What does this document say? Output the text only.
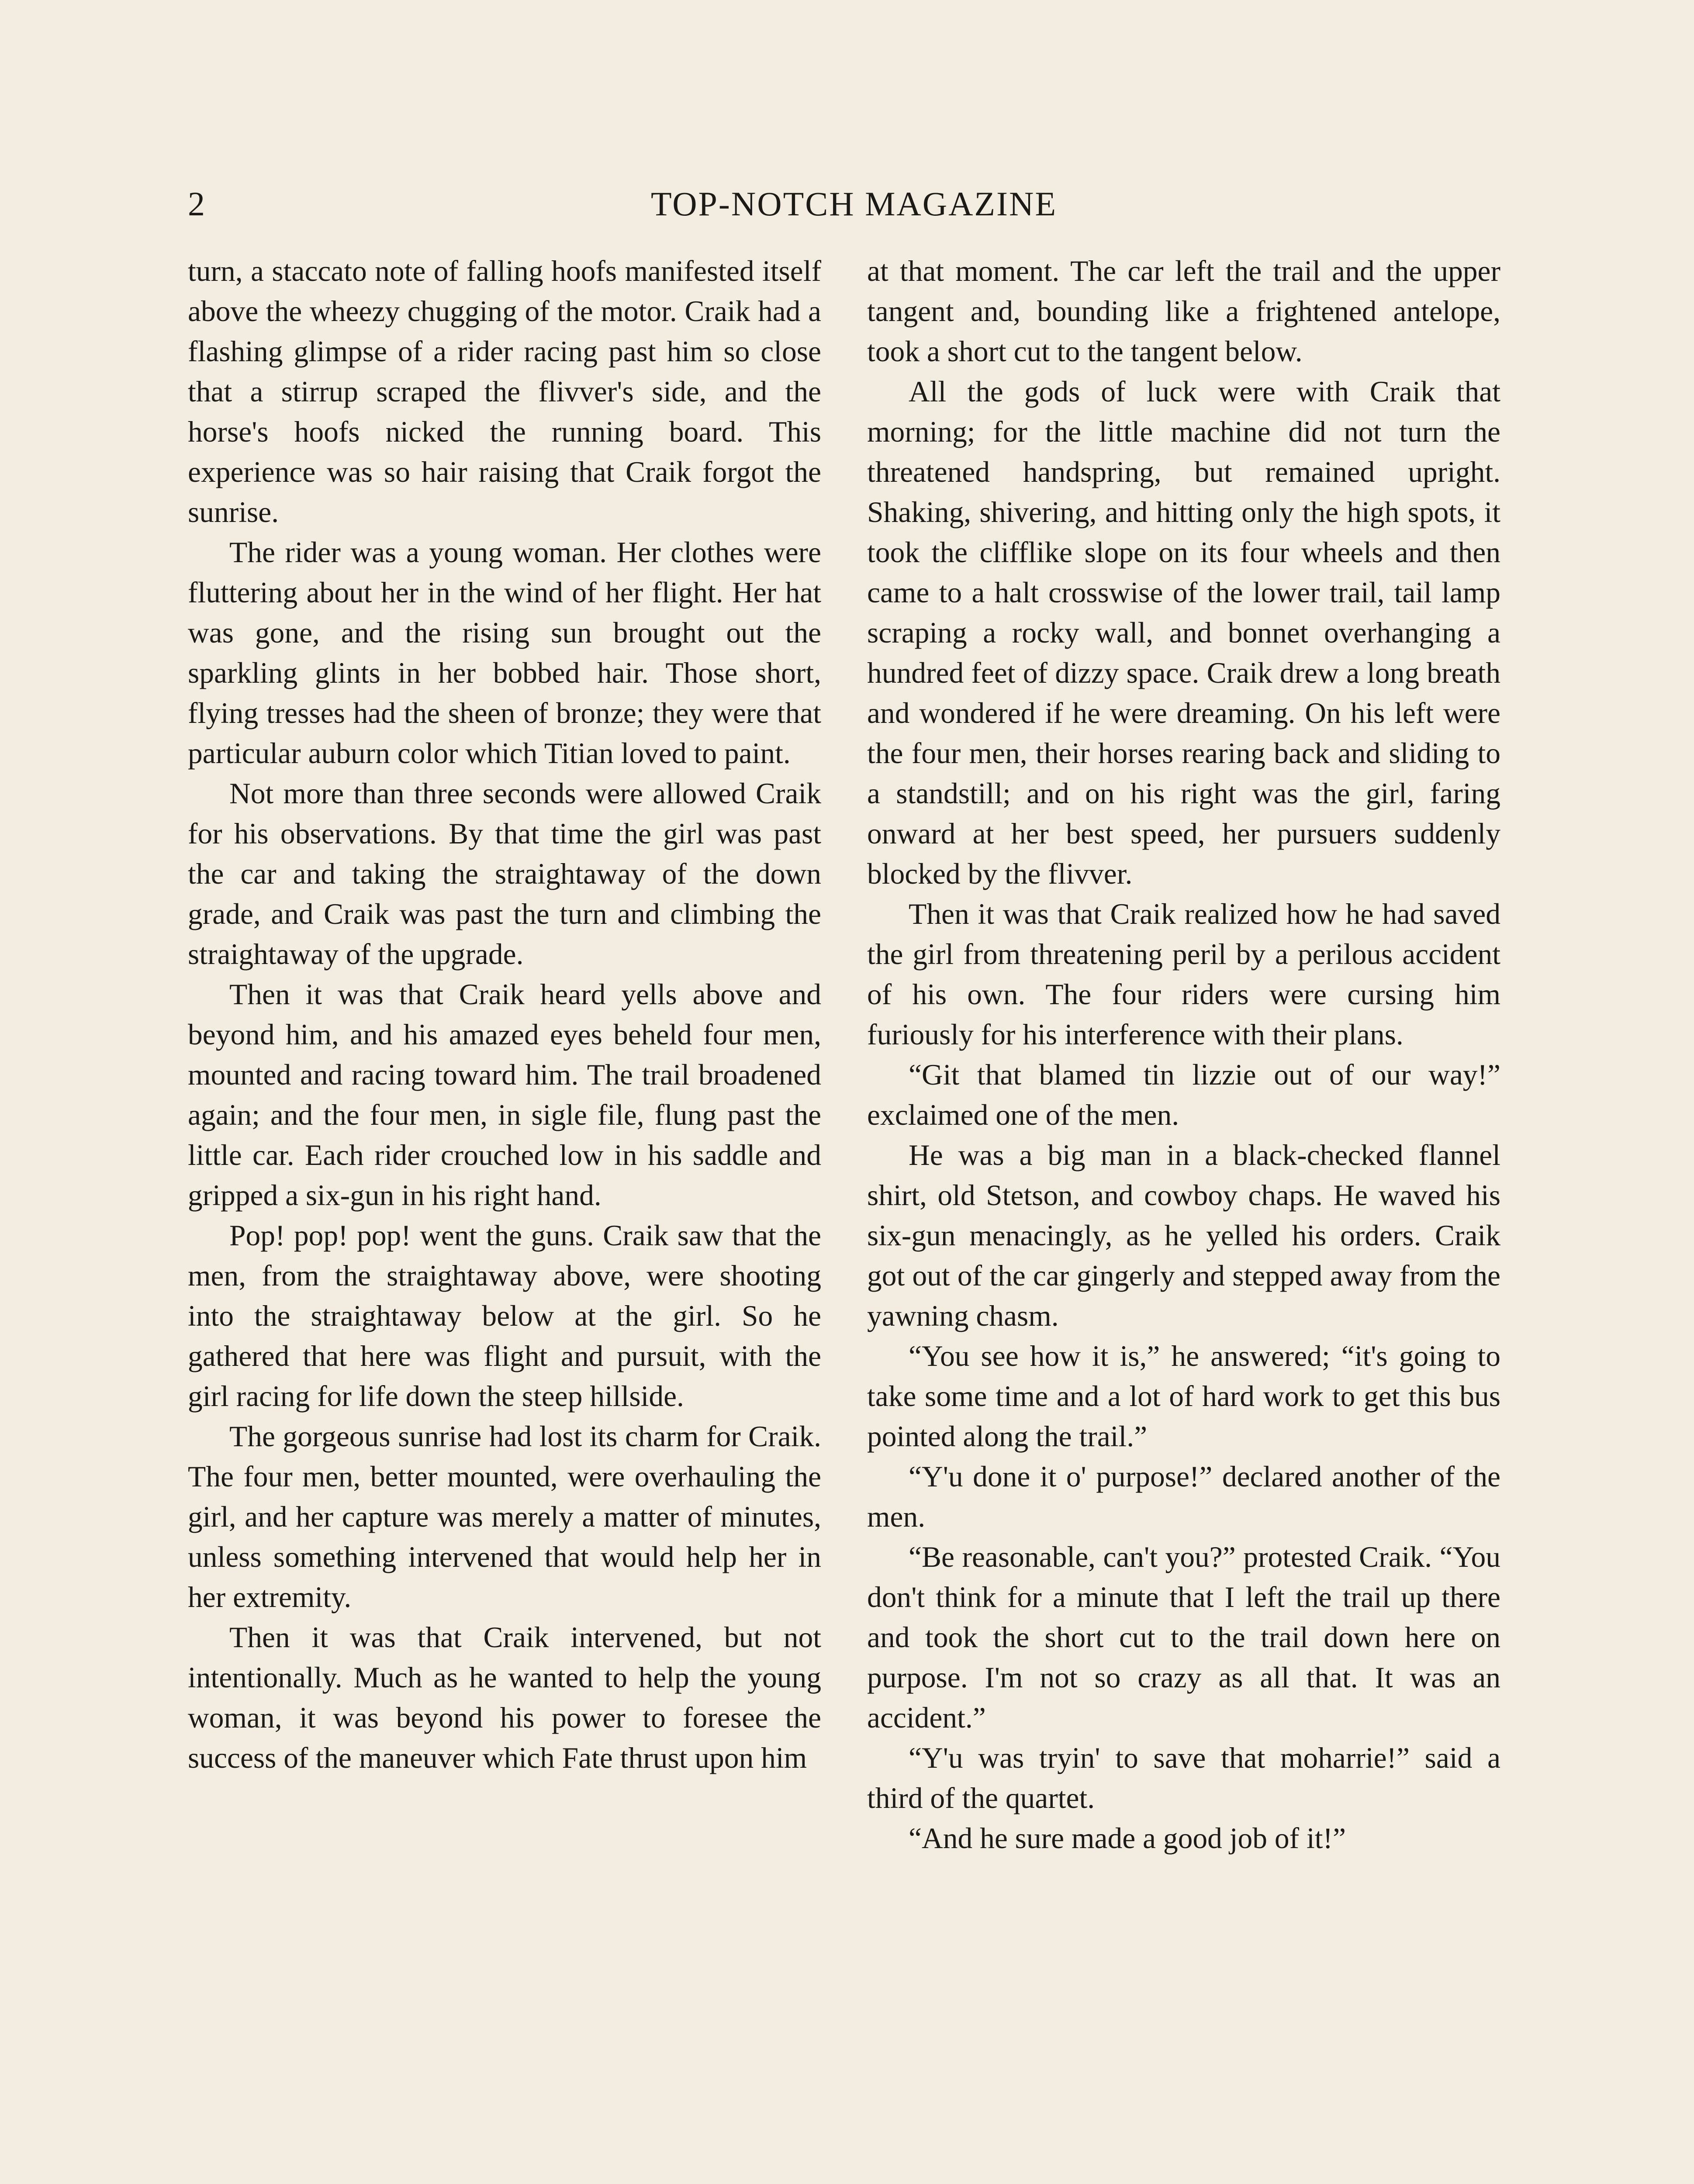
2	TOP-NOTCH MAGAZINE

turn, a staccato note of falling hoofs manifested itself above the wheezy chugging of the motor. Craik had a flashing glimpse of a rider racing past him so close that a stirrup scraped the flivver's side, and the horse's hoofs nicked the running board. This experience was so hair raising that Craik forgot the sunrise.

The rider was a young woman. Her clothes were fluttering about her in the wind of her flight. Her hat was gone, and the rising sun brought out the sparkling glints in her bobbed hair. Those short, flying tresses had the sheen of bronze; they were that particular auburn color which Titian loved to paint.

Not more than three seconds were allowed Craik for his observations. By that time the girl was past the car and taking the straightaway of the down grade, and Craik was past the turn and climbing the straightaway of the upgrade.

Then it was that Craik heard yells above and beyond him, and his amazed eyes beheld four men, mounted and racing toward him. The trail broadened again; and the four men, in sigle file, flung past the little car. Each rider crouched low in his saddle and gripped a six-gun in his right hand.

Pop! pop! pop! went the guns. Craik saw that the men, from the straightaway above, were shooting into the straightaway below at the girl. So he gathered that here was flight and pursuit, with the girl racing for life down the steep hillside.

The gorgeous sunrise had lost its charm for Craik. The four men, better mounted, were overhauling the girl, and her capture was merely a matter of minutes, unless something intervened that would help her in her extremity.

Then it was that Craik intervened, but not intentionally. Much as he wanted to help the young woman, it was beyond his power to foresee the success of the maneuver which Fate thrust upon him

at that moment. The car left the trail and the upper tangent and, bounding like a frightened antelope, took a short cut to the tangent below.

All the gods of luck were with Craik that morning; for the little machine did not turn the threatened handspring, but remained upright. Shaking, shivering, and hitting only the high spots, it took the clifflike slope on its four wheels and then came to a halt crosswise of the lower trail, tail lamp scraping a rocky wall, and bonnet overhanging a hundred feet of dizzy space. Craik drew a long breath and wondered if he were dreaming. On his left were the four men, their horses rearing back and sliding to a standstill; and on his right was the girl, faring onward at her best speed, her pursuers suddenly blocked by the flivver.

Then it was that Craik realized how he had saved the girl from threatening peril by a perilous accident of his own. The four riders were cursing him furiously for his interference with their plans.

“Git that blamed tin lizzie out of our way!” exclaimed one of the men.

He was a big man in a black-checked flannel shirt, old Stetson, and cowboy chaps. He waved his six-gun menacingly, as he yelled his orders. Craik got out of the car gingerly and stepped away from the yawning chasm.

“You see how it is,” he answered; “it's going to take some time and a lot of hard work to get this bus pointed along the trail.”

“Y'u done it o' purpose!” declared another of the men.

“Be reasonable, can't you?” protested Craik. “You don't think for a minute that I left the trail up there and took the short cut to the trail down here on purpose. I'm not so crazy as all that. It was an accident.”

“Y'u was tryin' to save that moharrie!” said a third of the quartet.

“And he sure made a good job of it!”
